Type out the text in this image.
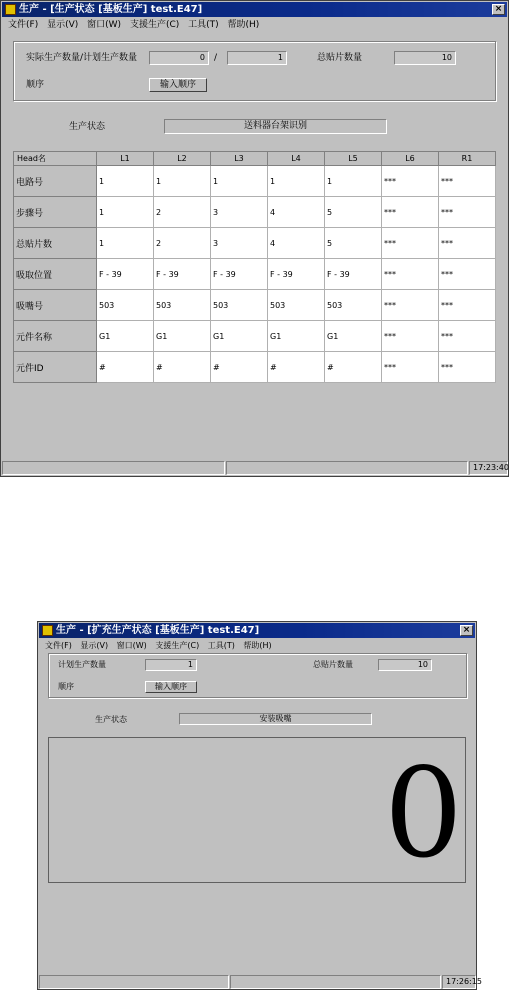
生产 - [生产状态 [基板生产] test.E47]	×
文件(F) 显示(V) 窗口(W) 支援生产(C) 工具(T) 帮助(H)
实际生产数量/计划生产数量	0	/	1	总贴片数量	10
顺序	输入顺序
生产状态	送料器台架识别
Head名	L1	L2	L3	L4	L5	L6	R1
电路号	1	1	1	1	1	***	***
步骤号	1	2	3	4	5	***	***
总贴片数	1	2	3	4	5	***	***
吸取位置	F - 39	F - 39	F - 39	F - 39	F - 39	***	***
吸嘴号	503	503	503	503	503	***	***
元件名称	G1	G1	G1	G1	G1	***	***
元件ID	#	#	#	#	#	***	***
17:23:40
生产 - [扩充生产状态 [基板生产] test.E47]	×
文件(F) 显示(V) 窗口(W) 支援生产(C) 工具(T) 帮助(H)
计划生产数量	1	总贴片数量	10
顺序	输入顺序
生产状态	安装吸嘴
0
17:26:15
